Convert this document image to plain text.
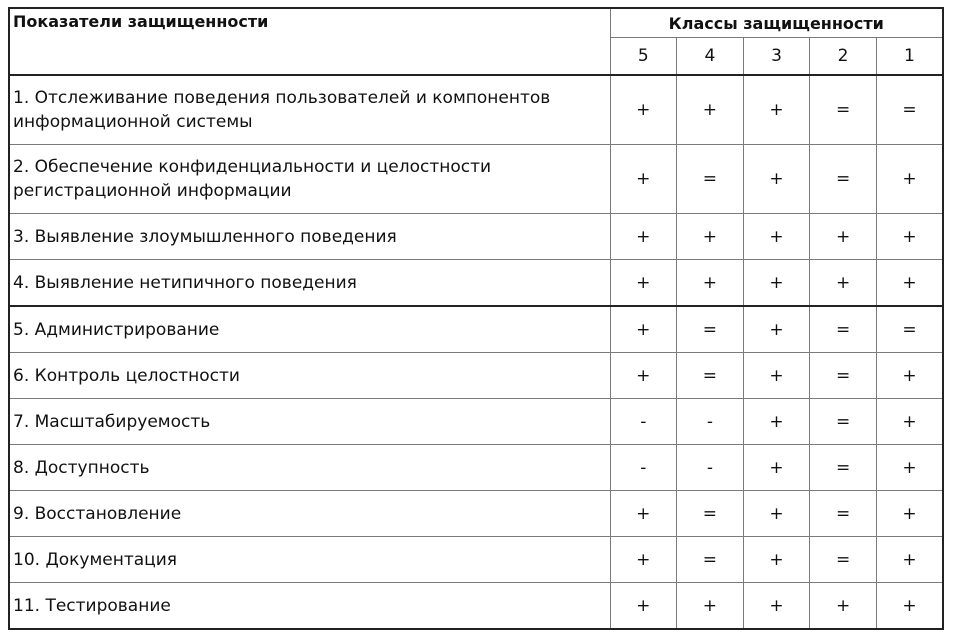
Показатели защищенности	Классы защищенности				
	5	4	3	2	1
1. Отслеживание поведения пользователей и компонентов информационной системы	+	+	+	=	=
2. Обеспечение конфиденциальности и целостности регистрационной информации	+	=	+	=	+
3. Выявление злоумышленного поведения	+	+	+	+	+
4. Выявление нетипичного поведения	+	+	+	+	+
5. Администрирование	+	=	+	=	=
6. Контроль целостности	+	=	+	=	+
7. Масштабируемость	-	-	+	=	+
8. Доступность	-	-	+	=	+
9. Восстановление	+	=	+	=	+
10. Документация	+	=	+	=	+
11. Тестирование	+	+	+	+	+
